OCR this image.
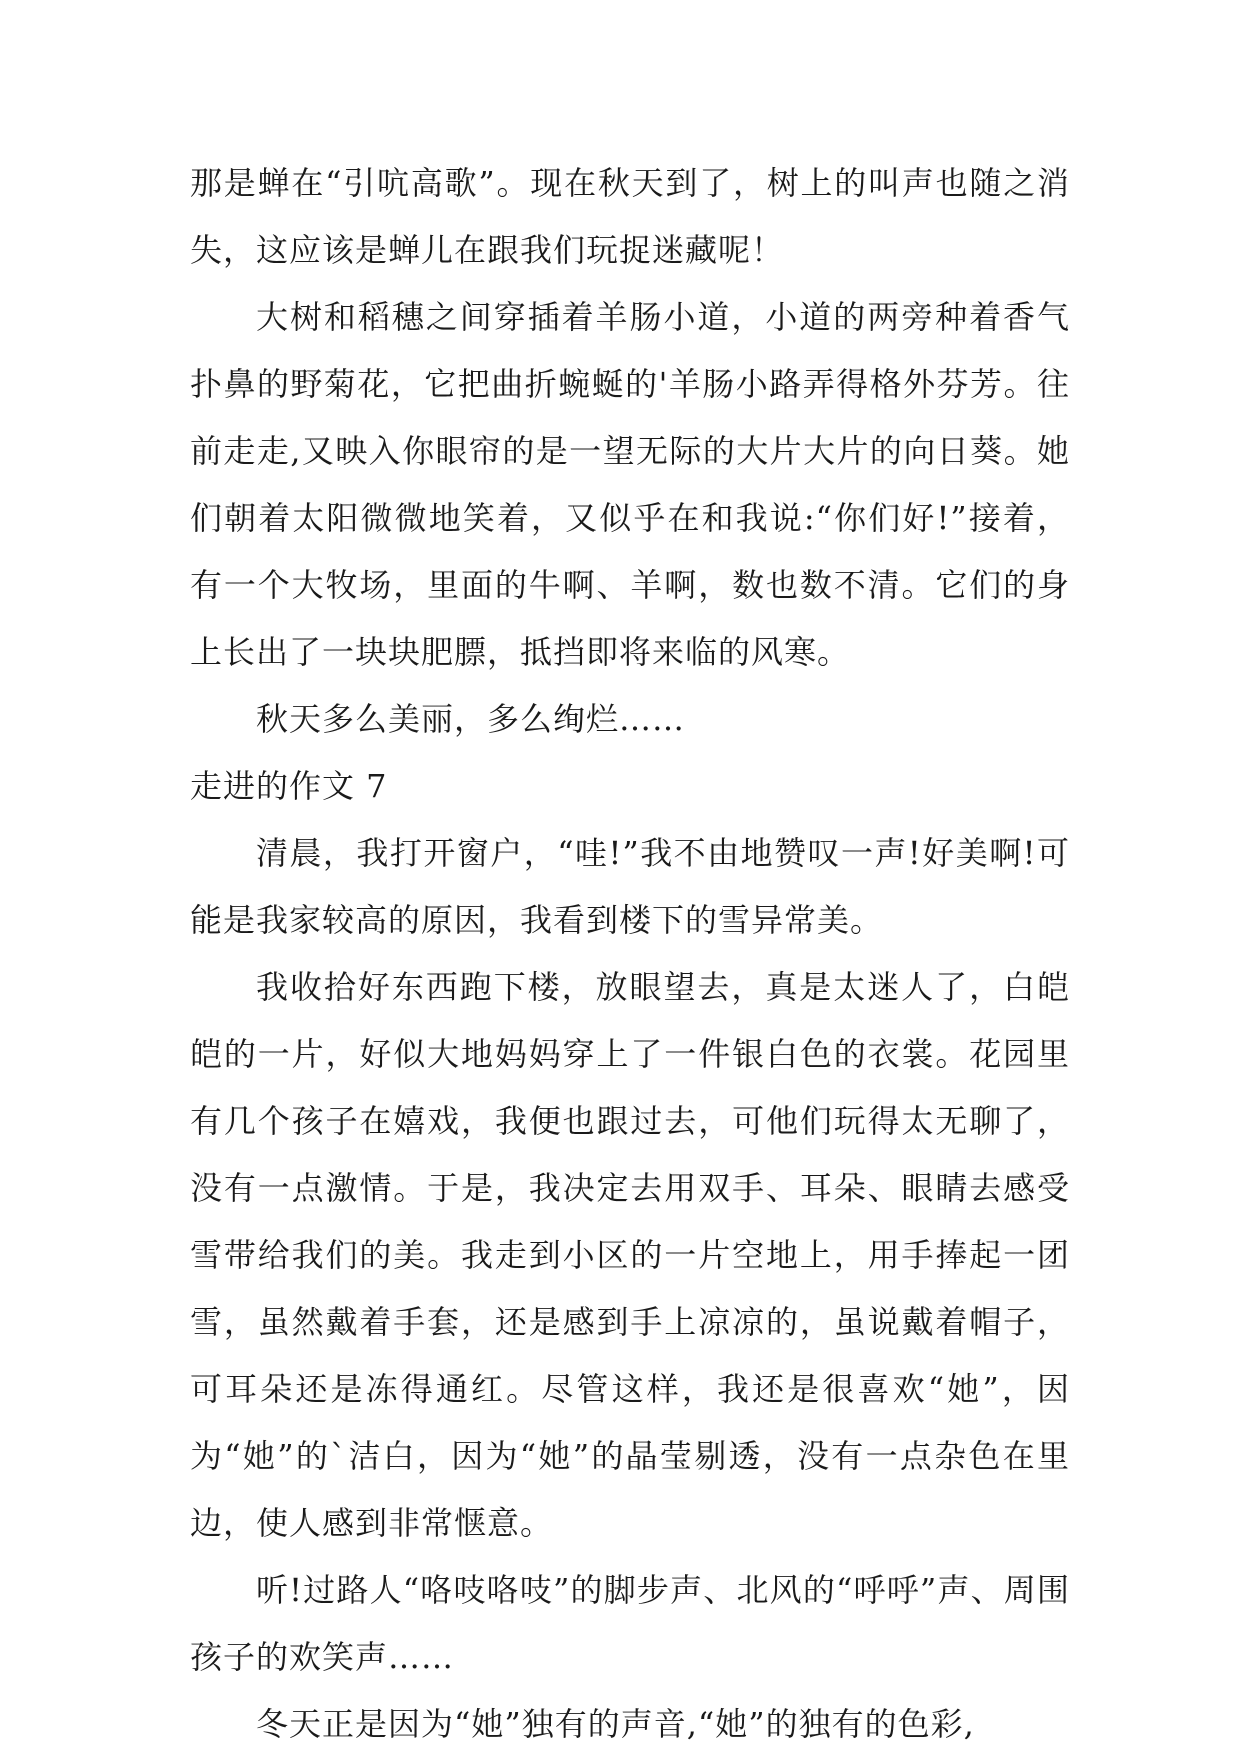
那是蝉在“引吭高歌”。现在秋天到了，树上的叫声也随之消失，这应该是蝉儿在跟我们玩捉迷藏呢！

大树和稻穗之间穿插着羊肠小道，小道的两旁种着香气扑鼻的野菊花，它把曲折蜿蜒的'羊肠小路弄得格外芬芳。往前走走,又映入你眼帘的是一望无际的大片大片的向日葵。她们朝着太阳微微地笑着，又似乎在和我说:“你们好!”接着，有一个大牧场，里面的牛啊、羊啊，数也数不清。它们的身上长出了一块块肥膘，抵挡即将来临的风寒。

秋天多么美丽，多么绚烂……

走进的作文 7

清晨，我打开窗户，“哇!”我不由地赞叹一声!好美啊!可能是我家较高的原因，我看到楼下的雪异常美。

我收拾好东西跑下楼，放眼望去，真是太迷人了，白皑皑的一片，好似大地妈妈穿上了一件银白色的衣裳。花园里有几个孩子在嬉戏，我便也跟过去，可他们玩得太无聊了，没有一点激情。于是，我决定去用双手、耳朵、眼睛去感受雪带给我们的美。我走到小区的一片空地上，用手捧起一团雪，虽然戴着手套，还是感到手上凉凉的，虽说戴着帽子，可耳朵还是冻得通红。尽管这样，我还是很喜欢“她”，因为“她”的`洁白，因为“她”的晶莹剔透，没有一点杂色在里边，使人感到非常惬意。

听!过路人“咯吱咯吱”的脚步声、北风的“呼呼”声、周围孩子的欢笑声……

冬天正是因为“她”独有的声音,“她”的独有的色彩,
